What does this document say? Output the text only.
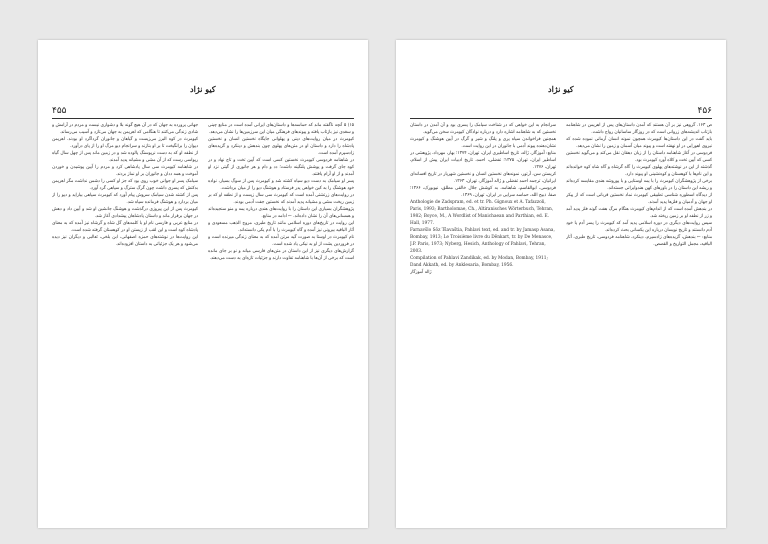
کیو نژاد
۴۵۵

جهانی پرورده به جهان که در آن هیچ گونه بلا و دشواری نیست و مردم در آرامش و شادی زندگی می‌کنند تا هنگامی که اهریمن به جهان می‌تازد و آسیب می‌رساند.

کیومرث در کوه البرز می‌زیست و گیاهان و جانوران گرداگرد او بودند. اهریمن دیوان را برانگیخت تا بر او بتازند و سرانجام دیو مرگ او را از پای درآورد.

از نطفه او که به دست نریوسنگ پالوده شد و در زمین ماند پس از چهل سال گیاه ریواسی رست که از آن مشی و مشیانه پدید آمدند.

در شاهنامه کیومرث سی سال پادشاهی کرد و مردم را آیین پوشیدن و خوردن آموخت و همه ددان و جانوران بر او نماز بردند.

سیامک پسر او جوانی خوب روی بود که جز او کسی را دشمن نداشت مگر اهریمن بدکنش که پسری داشت چون گرگ سترگ و سپاهی گرد آورد.

پس از کشته شدن سیامک سروش پیام آورد که کیومرث سپاهی بیاراید و دیو را از میان بردارد و هوشنگ فرمانده سپاه شد.

کیومرث پس از این پیروزی درگذشت و هوشنگ جانشین او شد و آیین داد و دهش در جهان برقرار ماند و داستان پادشاهان پیشدادی آغاز شد.

در منابع عربی و فارسی نام او با کلمه‌های گل شاه و گرشاه نیز آمده که به معنای پادشاه کوه است و این لقب از زیستن او در کوهستان گرفته شده است.

این روایت‌ها در نوشته‌های حمزه اصفهانی، ابن بلخی، ثعالبی و دیگران نیز دیده می‌شود و هر یک جزئیاتی به داستان افزوده‌اند.

۱۵) ۵ آنچه ناگفته ماند که حماسه‌ها و داستان‌های ایرانی آمده است در منابع چینی و سغدی نیز بازتاب یافته و پیوندهای فرهنگی میان این سرزمین‌ها را نشان می‌دهد.

کیومرث در میان روایت‌های دینی و پهلوانی جایگاه نخستین انسان و نخستین پادشاه را دارد و داستان او در متن‌های پهلوی چون بندهش و دینکرد و گزیده‌های زادسپرم آمده است.

در شاهنامه فردوسی کیومرث نخستین کسی است که آیین تخت و تاج نهاد و در کوه جای گرفت و پوشش پلنگینه داشت؛ دد و دام و هر جانوری از گیتی نزد او آمدند و از او آرام یافتند.

پسر او سیامک به دست دیو سیاه کشته شد و کیومرث پس از سوگ بسیار، نواده خود هوشنگ را به کین خواهی پدر فرستاد و هوشنگ دیو را از میان برداشت.

در روایت‌های زرتشتی آمده است که کیومرث سی سال زیست و از نطفه او که بر زمین ریخت مشی و مشیانه پدید آمدند که نخستین جفت آدمی بودند.

پژوهشگران بسیاری این داستان را با روایت‌های هندی درباره یمه و منو سنجیده‌اند و همسانی‌های آن را نشان داده‌اند. ← ادامه در منابع.

این روایت در تاریخ‌های دوره اسلامی مانند تاریخ طبری، مروج الذهب مسعودی و آثار الباقیه بیرونی نیز آمده و گاه کیومرث را با آدم یکی دانسته‌اند.

نام کیومرث در اوستا به صورت گیه مرتن آمده که به معنای زندگی میرنده است و در فروردین یشت از او به نیکی یاد شده است.

گزارش‌های دیگری نیز از این داستان در متن‌های فارسی میانه و نو بر جای مانده است که برخی از آن‌ها با شاهنامه تفاوت دارند و جزئیات تازه‌ای به دست می‌دهند.

کیو نژاد
۴۵۶

سرانجام به این خواهی که در شناخت سیامک را پسری بود و آن آمدن در داستان نخستین که به شاهنامه اشاره دارد و درباره نوادگان کیومرث سخن می‌گوید.

همچنین فراخواندن سپاه پری و پلنگ و شیر و گرگ در آیین هوشنگ و کیومرث نشان‌دهنده پیوند آدمی با جانوران در این روایت است.

منابع: آموزگار، ژاله، تاریخ اساطیری ایران، تهران، ۱۳۷۴؛ بهار، مهرداد، پژوهشی در اساطیر ایران، تهران، ۱۳۷۵؛ تفضلی، احمد، تاریخ ادبیات ایران پیش از اسلام، تهران، ۱۳۷۶.

کریستن سن، آرتور، نمونه‌های نخستین انسان و نخستین شهریار در تاریخ افسانه‌ای ایرانیان، ترجمه احمد تفضلی و ژاله آموزگار، تهران، ۱۳۶۳.

فردوسی، ابوالقاسم، شاهنامه، به کوشش جلال خالقی مطلق، نیویورک، ۱۳۶۶؛ صفا، ذبیح الله، حماسه سرایی در ایران، تهران، ۱۳۶۹.

Anthologie de Zadspram, ed. et tr. Ph. Gignoux et A. Tafazzoli, Paris, 1993; Bartholomae, Ch., Altiranisches Wörterbuch, Tehran, 1982; Boyce, M., A Wordlist of Manichaean and Parthian, ed. E. Hall, 1977.

Farnavšlo Sōz Tšavaštia, Pahlavi text, ed. and tr. by Jamasp Asana, Bombay, 1913; Le Troisième livre du Dēnkart, tr. by De Menasce, J.P. Paris, 1973; Nyberg, Hesich, Anthology of Pahlavi, Tehran, 2003.

Compilation of Pahlavi Zandikak, ed. by Modan, Bombay, 1911; Dand Akkath, ed. by Anklesaria, Bombay, 1956.

ژاله آموزگار

ص ۱۶۳. گروهی نیز بر آن هستند که آمدن داستان‌های پس از اهریمن در شاهنامه بازتاب اندیشه‌های زروانی است که در روزگار ساسانیان رواج داشت.

باید گفت در این داستان‌ها کیومرث همچون نمونه انسان آرمانی نموده شده که نیروی اهورایی در او نهفته است و پیوند میان آسمان و زمین را نشان می‌دهد.

فردوسی در آغاز شاهنامه داستان را از زبان دهقان نقل می‌کند و می‌گوید نخستین کسی که آیین تخت و کلاه آورد کیومرث بود.

گذشته از این در نوشته‌های پهلوی کیومرث را گاه گرشاه و گاه شاه کوه خوانده‌اند و این نام‌ها با کوهستان و کوه‌نشینی او پیوند دارد.

برخی از پژوهشگران کیومرث را با یمه اوستایی و با پوروشه هندی مقایسه کرده‌اند و ریشه این داستان را در باورهای کهن هندوایرانی جسته‌اند.

از دیدگاه اسطوره شناسی تطبیقی کیومرث نماد نخستین قربانی است که از پیکر او جهان و آدمیان و فلزها پدید آمدند.

در بندهش آمده است که از اندام‌های کیومرث هنگام مرگ هفت گونه فلز پدید آمد و زر از نطفه او بر زمین ریخته شد.

سپس روایت‌های دیگری در دوره اسلامی پدید آمد که کیومرث را پسر آدم یا خود آدم دانستند و تاریخ نویسان درباره این یکسانی بحث کرده‌اند.

منابع: ← بندهش، گزیده‌های زادسپرم، دینکرد، شاهنامه فردوسی، تاریخ طبری، آثار الباقیه، مجمل التواریخ و القصص.
